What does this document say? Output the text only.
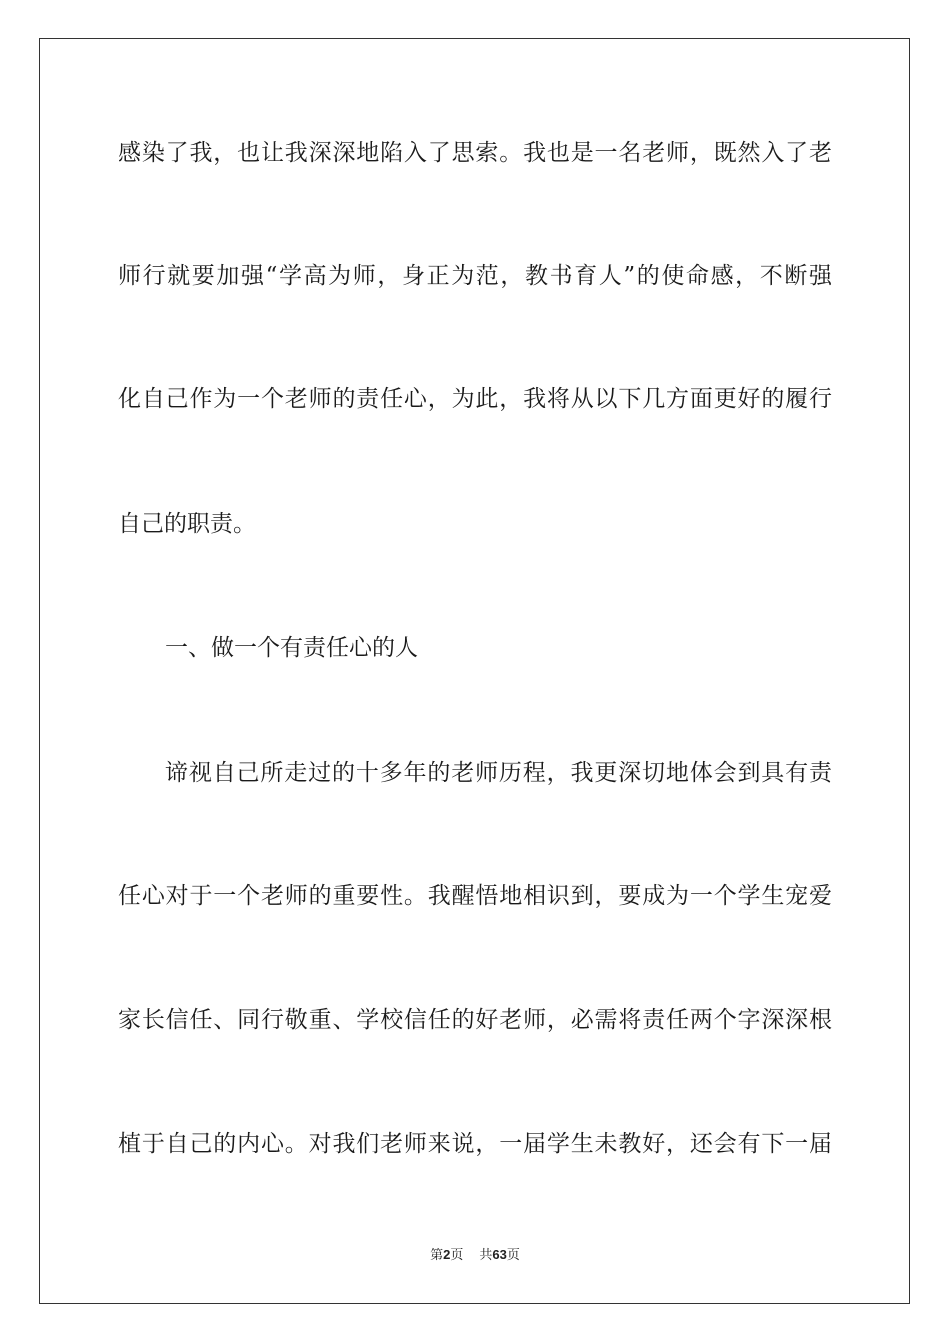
感染了我，也让我深深地陷入了思索。我也是一名老师，既然入了老
师行就要加强“学高为师，身正为范，教书育人”的使命感，不断强
化自己作为一个老师的责任心，为此，我将从以下几方面更好的履行
自己的职责。
一、做一个有责任心的人
谛视自己所走过的十多年的老师历程，我更深切地体会到具有责
任心对于一个老师的重要性。我醒悟地相识到，要成为一个学生宠爱
家长信任、同行敬重、学校信任的好老师，必需将责任两个字深深根
植于自己的内心。对我们老师来说，一届学生未教好，还会有下一届
第2页 共63页
